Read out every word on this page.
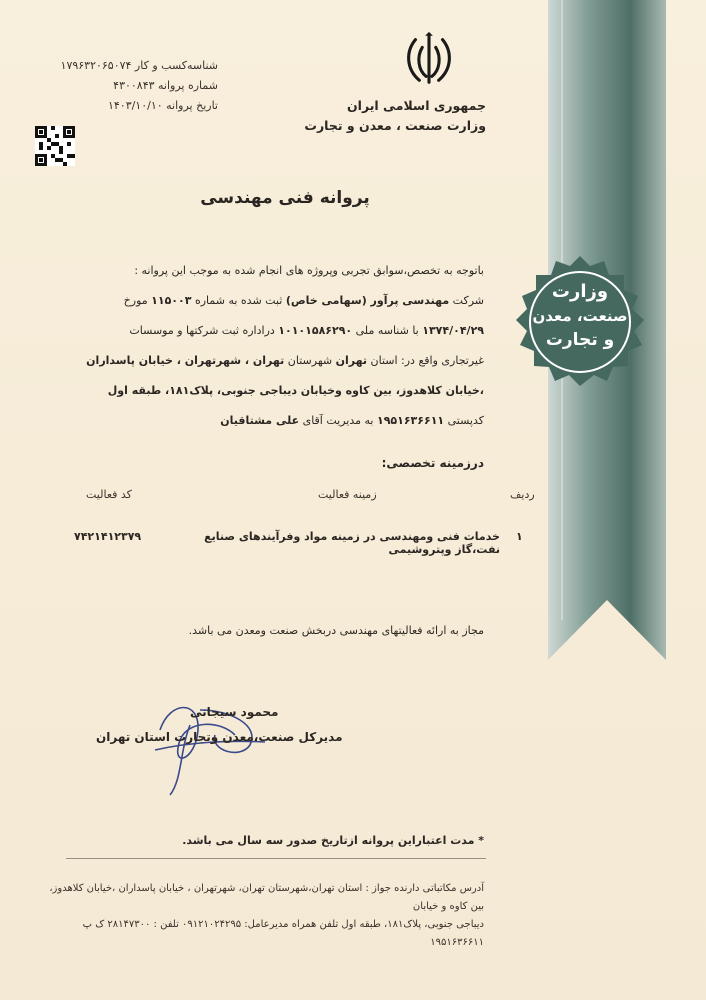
وزارت
صنعت، معدن
و تجارت
شناسه‌کسب و کار ۱۷۹۶۳۲۰۶۵۰۷۴
شماره پروانه ۴۳۰۰۸۴۳
تاریخ پروانه ۱۴۰۳/۱۰/۱۰	جمهوری اسلامی ایران
وزارت صنعت ، معدن و تجارت
پروانه فنی مهندسی
باتوجه به تخصص،سوابق تجربی وپروژه های انجام شده به موجب این پروانه :
شرکت مهندسی پرآور (سهامی خاص) ثبت شده به شماره ۱۱۵۰۰۳ مورخ
۱۳۷۴/۰۴/۲۹ با شناسه ملی ۱۰۱۰۱۵۸۶۲۹۰ دراداره ثبت شرکتها و موسسات
غیرتجاری واقع در: استان تهران شهرستان تهران ، شهرتهران ، خیابان پاسداران
،خیابان کلاهدوز، بین کاوه وخیابان دیباجی جنوبی، پلاک۱۸۱، طبقه اول
کدپستی ۱۹۵۱۶۳۶۶۱۱ به مدیریت آقای علی مشتاقیان
درزمینه تخصصی:
ردیف
زمینه فعالیت
کد فعالیت
۱
خدمات فنی ومهندسی در زمینه مواد وفرآیندهای صنایع نفت،گاز وپتروشیمی
۷۴۲۱۴۱۲۳۷۹
مجاز به ارائه فعالیتهای مهندسی دربخش صنعت ومعدن می باشد.
محمود سیجانی
مدیرکل صنعت،معدن وتجارت استان تهران
* مدت اعتباراین پروانه ازتاریخ صدور سه سال می باشد.
آدرس مکاتباتی دارنده جواز : استان تهران،شهرستان تهران، شهرتهران ، خیابان پاسداران ،خیابان کلاهدوز، بین کاوه و خیابان
دیباجی جنوبی، پلاک۱۸۱، طبقه اول تلفن همراه مدیرعامل: ۰۹۱۲۱۰۲۴۲۹۵ تلفن : ۲۸۱۴۷۳۰۰ ک پ ۱۹۵۱۶۳۶۶۱۱
